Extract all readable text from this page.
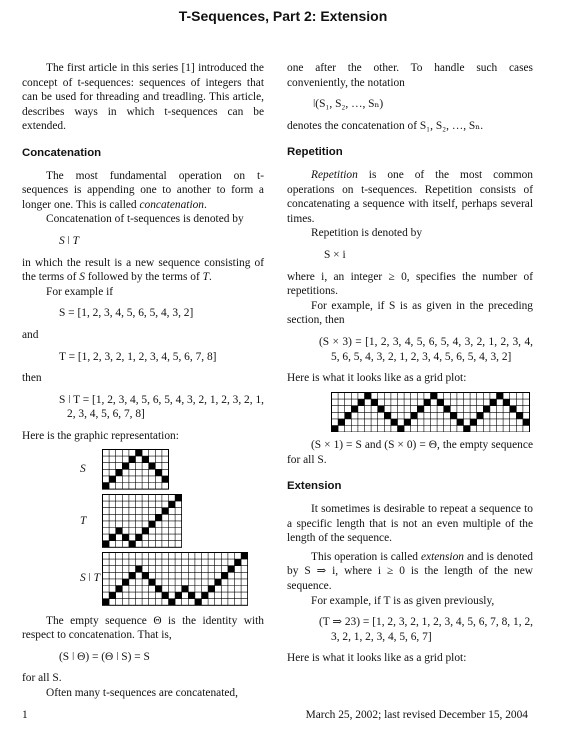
T-Sequences, Part 2: Extension

The first article in this series [1] introduced the concept of t-sequences: sequences of integers that can be used for threading and treadling. This article, describes ways in which t-sequences can be extended.

Concatenation

The most fundamental operation on t-sequences is appending one to another to form a longer one. This is called concatenation.

Concatenation of t-sequences is denoted by

S ǀ T

in which the result is a new sequence consisting of the terms of S followed by the terms of T.

For example if

S = [1, 2, 3, 4, 5, 6, 5, 4, 3, 2]

and

T = [1, 2, 3, 2, 1, 2, 3, 4, 5, 6, 7, 8]

then

S ǀ T = [1, 2, 3, 4, 5, 6, 5, 4, 3, 2, 1, 2, 3, 2, 1, 2, 3, 4, 5, 6, 7, 8]

Here is the graphic representation:

S
T
S ǀ T

The empty sequence Θ is the identity with respect to concatenation. That is,

(S ǀ Θ) = (Θ ǀ S) = S

for all S.

Often many t-sequences are concatenated,

one after the other. To handle such cases conveniently, the notation

ǀ(S₁, S₂, …, Sₙ)

denotes the concatenation of S₁, S₂, …, Sₙ.

Repetition

Repetition is one of the most common operations on t-sequences. Repetition consists of concatenating a sequence with itself, perhaps several times.

Repetition is denoted by

S × i

where i, an integer ≥ 0, specifies the number of repetitions.

For example, if S is as given in the preceding section, then

(S × 3) = [1, 2, 3, 4, 5, 6, 5, 4, 3, 2, 1, 2, 3, 4, 5, 6, 5, 4, 3, 2, 1, 2, 3, 4, 5, 6, 5, 4, 3, 2]

Here is what it looks like as a grid plot:

(S × 1) = S and (S × 0) = Θ, the empty sequence for all S.

Extension

It sometimes is desirable to repeat a sequence to a specific length that is not an even multiple of the length of the sequence.

This operation is called extension and is denoted by S ⇒ i, where i ≥ 0 is the length of the new sequence.

For example, if T is as given previously,

(T ⇒ 23) = [1, 2, 3, 2, 1, 2, 3, 4, 5, 6, 7, 8, 1, 2, 3, 2, 1, 2, 3, 4, 5, 6, 7]

Here is what it looks like as a grid plot:

1	March 25, 2002; last revised December 15, 2004
